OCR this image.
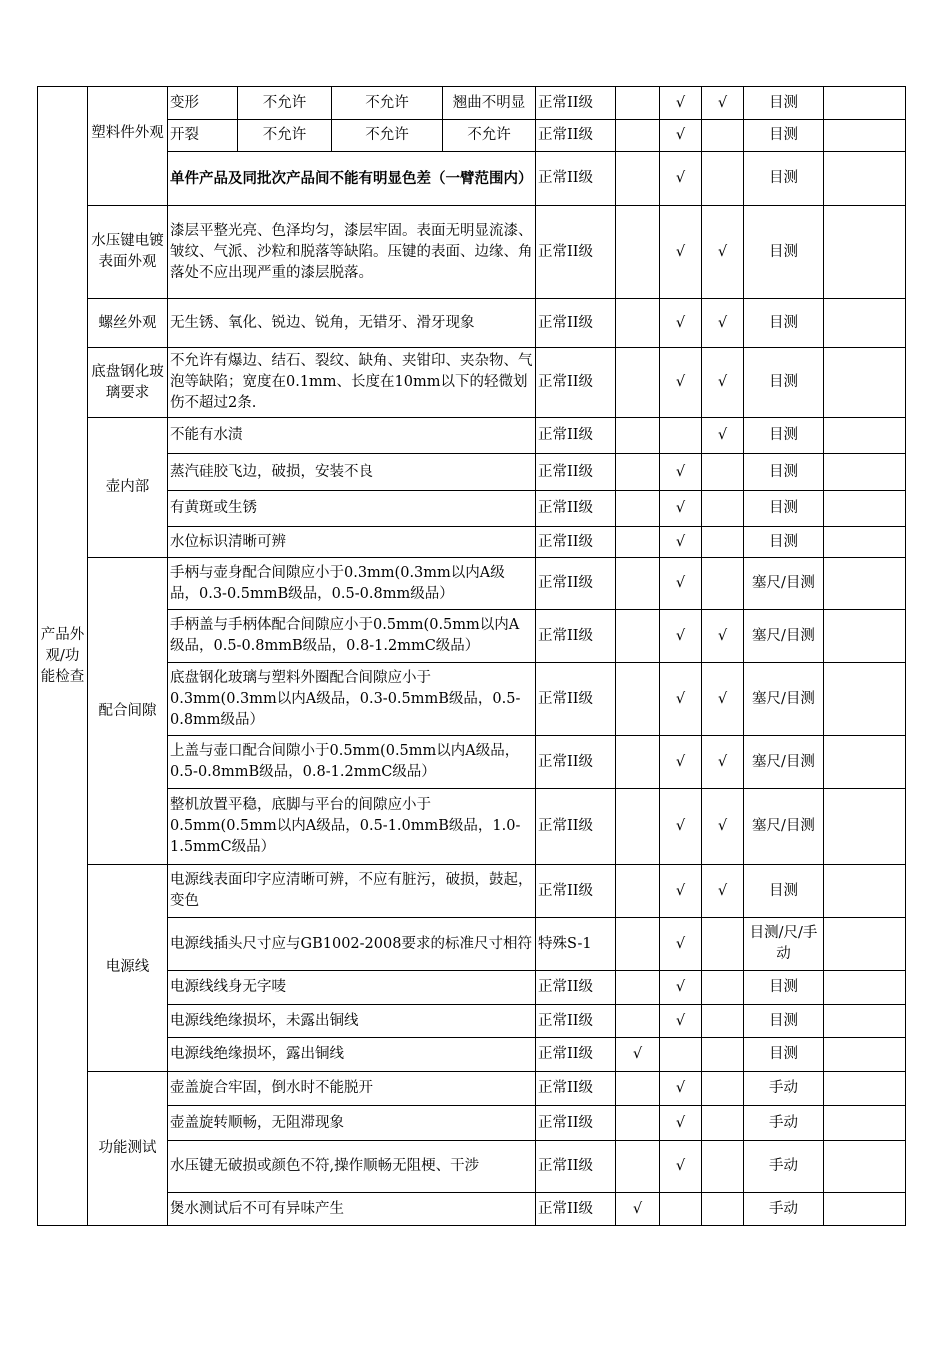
产品外观/功能检查	塑料件外观	变形	不允许	不允许	翘曲不明显	正常II级		√	√	目测	
		开裂	不允许	不允许	不允许	正常II级		√		目测	
		单件产品及同批次产品间不能有明显色差（一臂范围内）				正常II级		√		目测	
	水压键电镀表面外观	漆层平整光亮、色泽均匀，漆层牢固。表面无明显流漆、皱纹、气派、沙粒和脱落等缺陷。压键的表面、边缘、角落处不应出现严重的漆层脱落。				正常II级		√	√	目测	
	螺丝外观	无生锈、氧化、锐边、锐角，无错牙、滑牙现象				正常II级		√	√	目测	
	底盘钢化玻璃要求	不允许有爆边、结石、裂纹、缺角、夹钳印、夹杂物、气泡等缺陷；宽度在0.1mm、长度在10mm以下的轻微划伤不超过2条.				正常II级		√	√	目测	
	壶内部	不能有水渍				正常II级			√	目测	
		蒸汽硅胶飞边，破损，安装不良				正常II级		√		目测	
		有黄斑或生锈				正常II级		√		目测	
		水位标识清晰可辨				正常II级		√		目测	
	配合间隙	手柄与壶身配合间隙应小于0.3mm(0.3mm以内A级品，0.3-0.5mmB级品，0.5-0.8mm级品）				正常II级		√		塞尺/目测	
		手柄盖与手柄体配合间隙应小于0.5mm(0.5mm以内A级品，0.5-0.8mmB级品，0.8-1.2mmC级品）				正常II级		√	√	塞尺/目测	
		底盘钢化玻璃与塑料外圈配合间隙应小于0.3mm(0.3mm以内A级品，0.3-0.5mmB级品，0.5-0.8mm级品）				正常II级		√	√	塞尺/目测	
		上盖与壶口配合间隙小于0.5mm(0.5mm以内A级品，0.5-0.8mmB级品，0.8-1.2mmC级品）				正常II级		√	√	塞尺/目测	
		整机放置平稳，底脚与平台的间隙应小于0.5mm(0.5mm以内A级品，0.5-1.0mmB级品，1.0-1.5mmC级品）				正常II级		√	√	塞尺/目测	
	电源线	电源线表面印字应清晰可辨，不应有脏污，破损，鼓起，变色				正常II级		√	√	目测	
		电源线插头尺寸应与GB1002-2008要求的标准尺寸相符				特殊S-1		√		目测/尺/手动	
		电源线线身无字唛				正常II级		√		目测	
		电源线绝缘损坏，未露出铜线				正常II级		√		目测	
		电源线绝缘损坏，露出铜线				正常II级	√			目测	
	功能测试	壶盖旋合牢固，倒水时不能脱开				正常II级		√		手动	
		壶盖旋转顺畅，无阻滞现象				正常II级		√		手动	
		水压键无破损或颜色不符,操作顺畅无阻梗、干涉				正常II级		√		手动	
		煲水测试后不可有异味产生				正常II级	√			手动	
